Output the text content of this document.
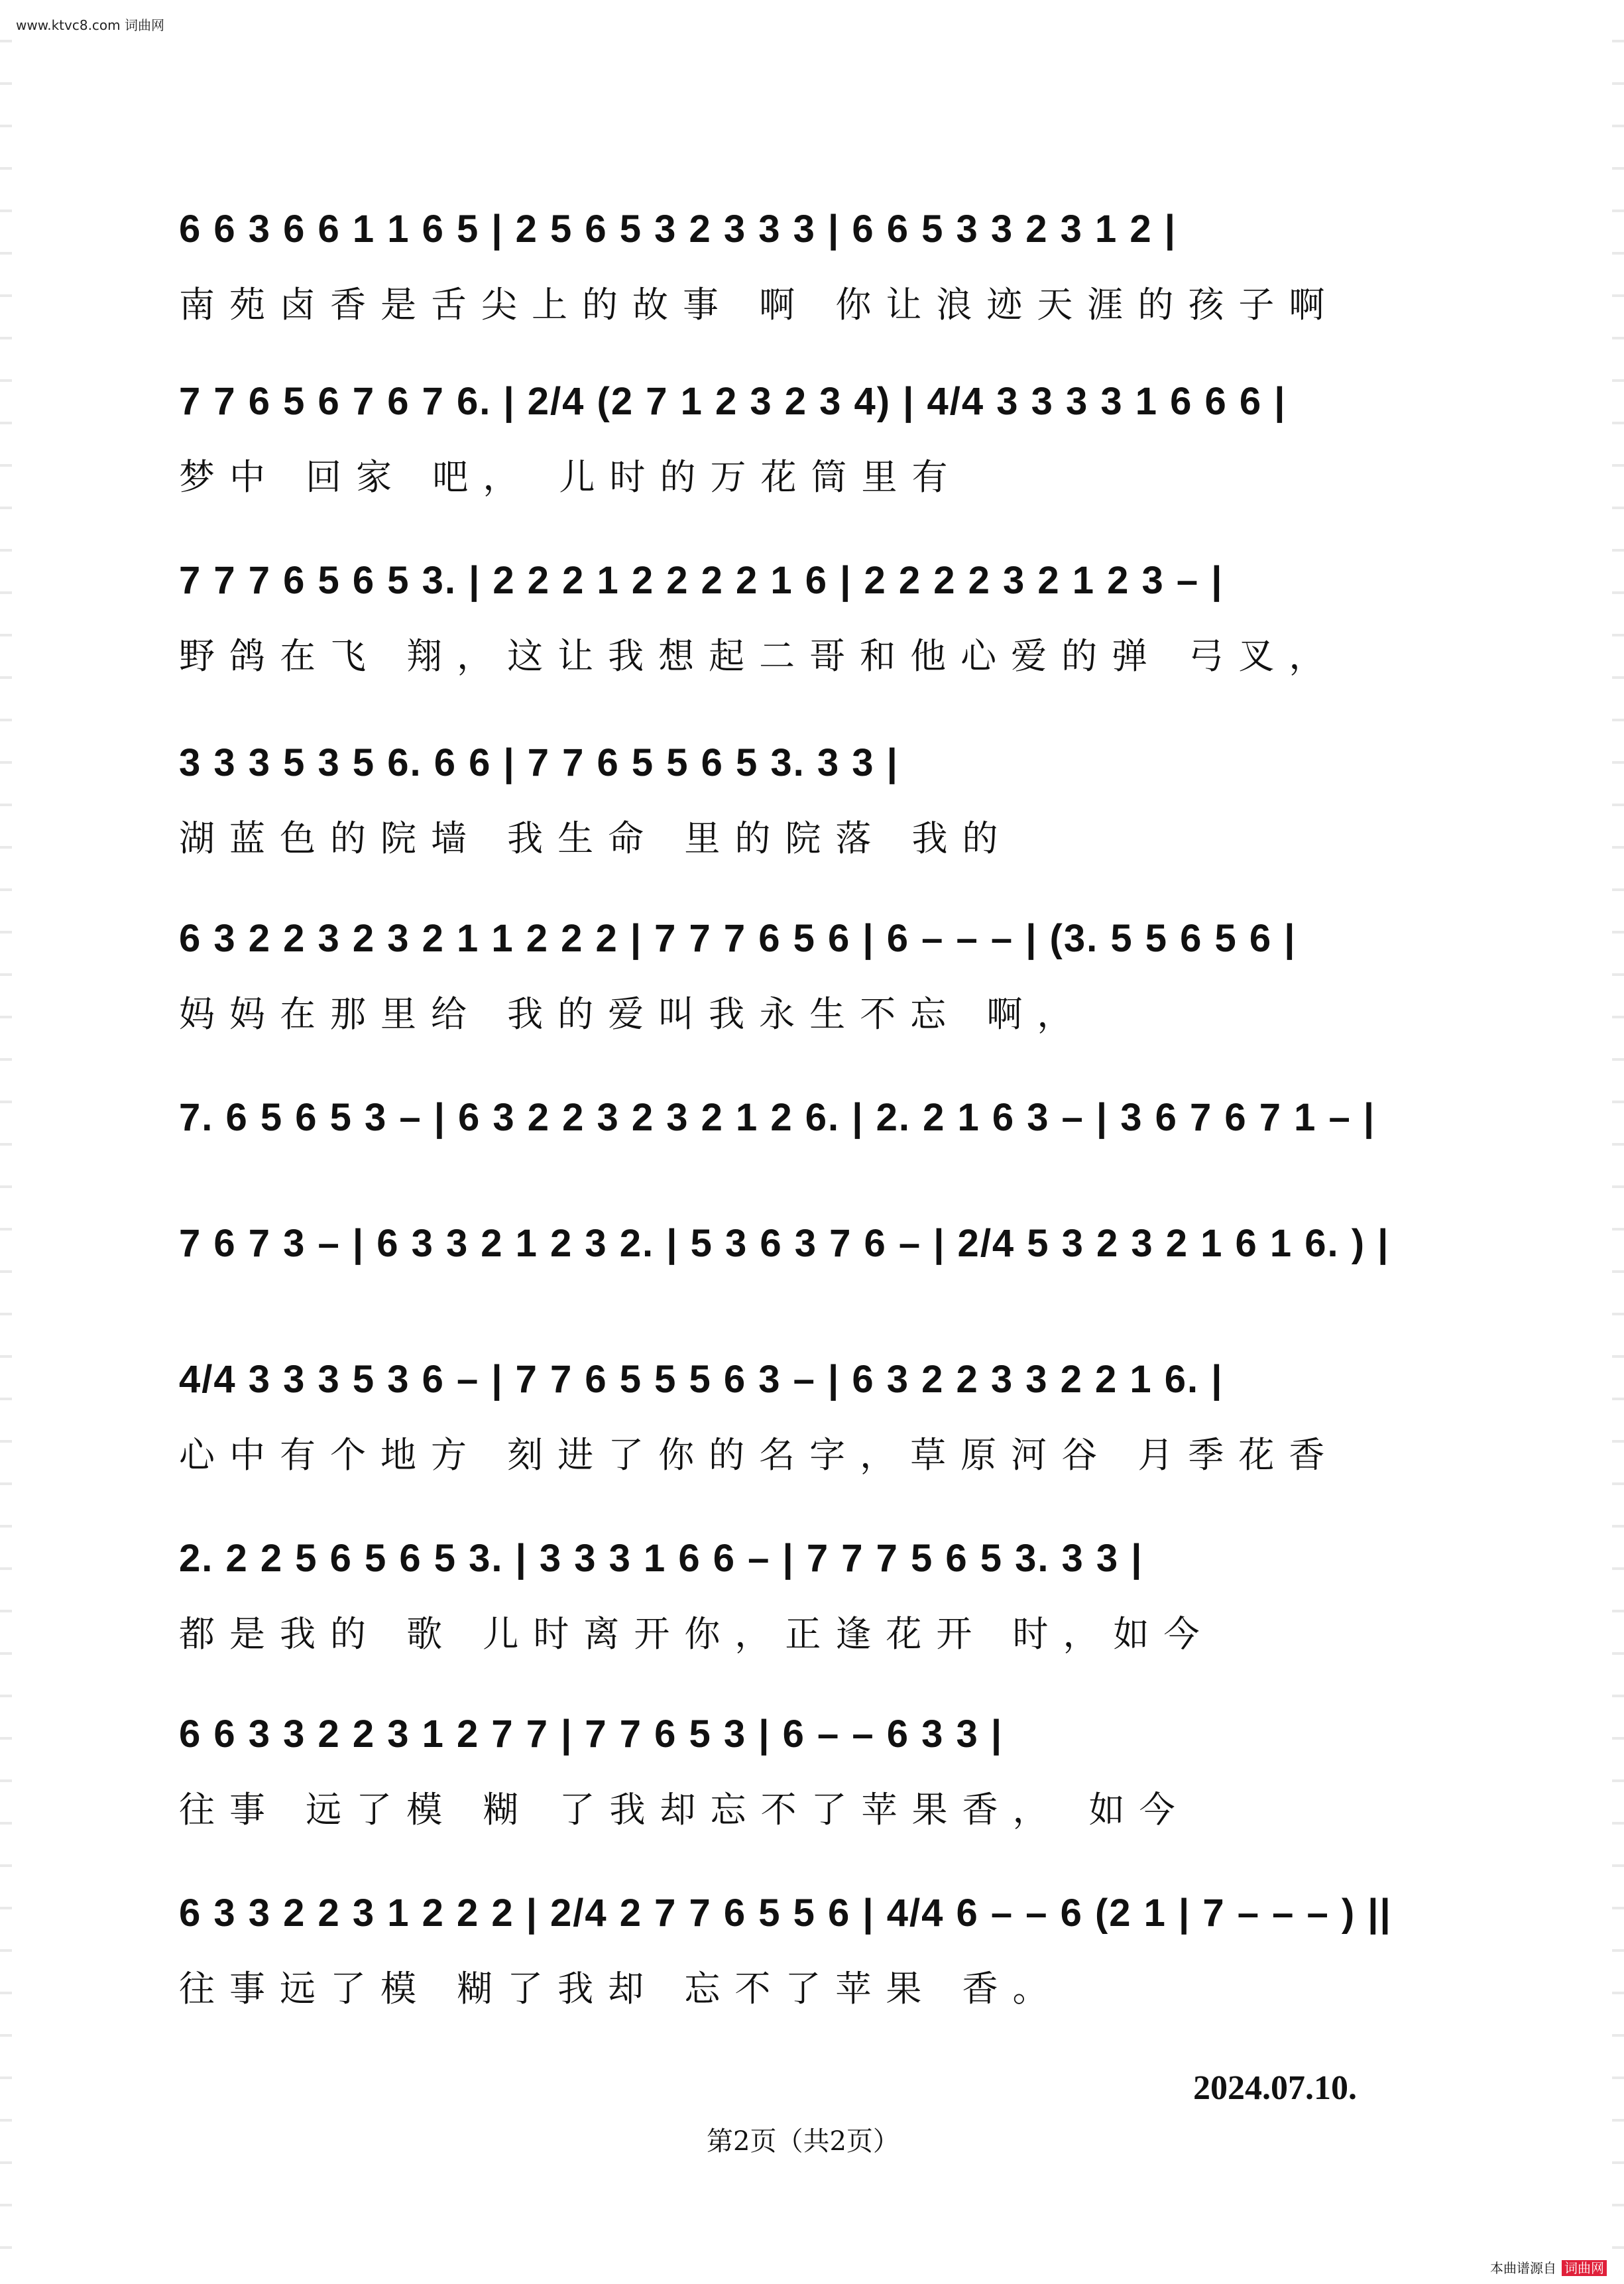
www.ktvc8.com 词曲网
6 6 3 6 6 1 1 6 5 | 2 5 6 5 3 2 3 3 3 | 6 6 5 3 3 2 3 1 2 |
南苑卤香是舌尖上的故事 啊 你让浪迹天涯的孩子啊
7 7 6 5 6 7 6 7 6. | 2/4 (2 7 1 2 3 2 3 4) | 4/4 3 3 3 3 1 6 6 6 |
梦中 回家 吧， 儿时的万花筒里有
7 7 7 6 5 6 5 3. | 2 2 2 1 2 2 2 2 1 6 | 2 2 2 2 3 2 1 2 3 – |
野鸽在飞 翔，这让我想起二哥和他心爱的弹 弓叉，
3 3 3 5 3 5 6. 6 6 | 7 7 6 5 5 6 5 3. 3 3 |
湖蓝色的院墙 我生命 里的院落 我的
6 3 2 2 3 2 3 2 1 1 2 2 2 | 7 7 7 6 5 6 | 6 – – – | (3. 5 5 6 5 6 |
妈妈在那里给 我的爱叫我永生不忘 啊，
7. 6 5 6 5 3 – | 6 3 2 2 3 2 3 2 1 2 6. | 2. 2 1 6 3 – | 3 6 7 6 7 1 – |
7 6 7 3 – | 6 3 3 2 1 2 3 2. | 5 3 6 3 7 6 – | 2/4 5 3 2 3 2 1 6 1 6. ) |
4/4 3 3 3 5 3 6 – | 7 7 6 5 5 5 6 3 – | 6 3 2 2 3 3 2 2 1 6. |
心中有个地方 刻进了你的名字，草原河谷 月季花香
2. 2 2 5 6 5 6 5 3. | 3 3 3 1 6 6 – | 7 7 7 5 6 5 3. 3 3 |
都是我的 歌 儿时离开你，正逢花开 时，如今
6 6 3 3 2 2 3 1 2 7 7 | 7 7 6 5 3 | 6 – – 6 3 3 |
往事 远了模 糊 了我却忘不了苹果香， 如今
6 3 3 2 2 3 1 2 2 2 | 2/4 2 7 7 6 5 5 6 | 4/4 6 – – 6 (2 1 | 7 – – – ) ||
往事远了模 糊了我却 忘不了苹果 香。
2024.07.10.
第2页（共2页）
本曲谱源自 词曲网
